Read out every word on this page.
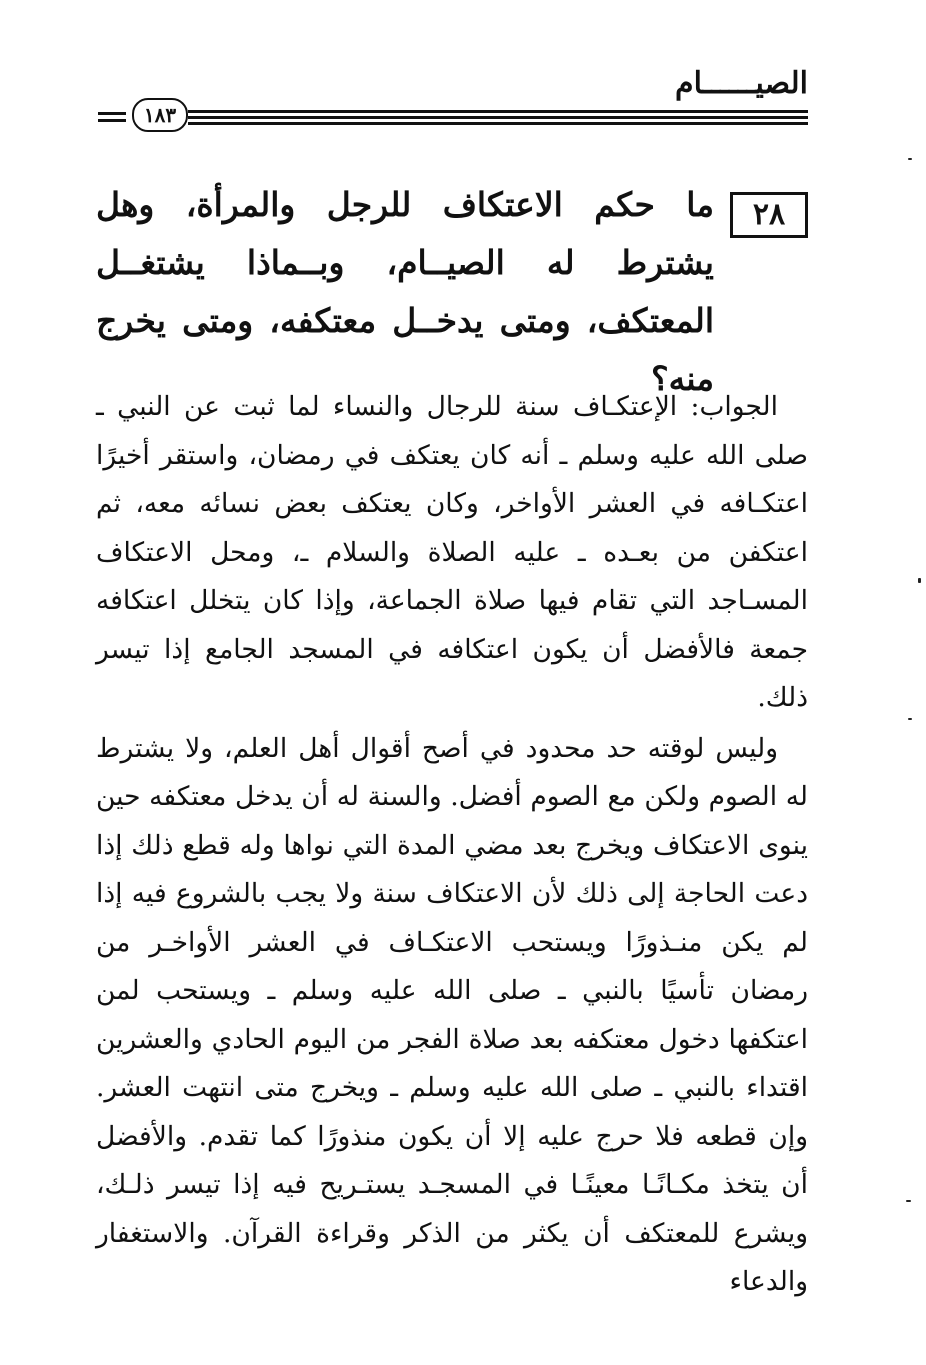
الصيــــــام
١٨٣
٢٨
ما حكم الاعتكاف للرجل والمرأة، وهل يشترط له الصيــام، وبــماذا يشتغــل المعتكف، ومتى يدخــل معتكفه، ومتى يخرج منه؟

الجواب: الإعتكـاف سنة للرجال والنساء لما ثبت عن النبي ـ صلى الله عليه وسلم ـ أنه كان يعتكف في رمضان، واستقر أخيرًا اعتكـافه في العشر الأواخر، وكان يعتكف بعض نسائه معه، ثم اعتكفن من بعـده ـ عليه الصلاة والسلام ـ، ومحل الاعتكاف المسـاجد التي تقام فيها صلاة الجماعة، وإذا كان يتخلل اعتكافه جمعة فالأفضل أن يكون اعتكافه في المسجد الجامع إذا تيسر ذلك.

وليس لوقته حد محدود في أصح أقوال أهل العلم، ولا يشترط له الصوم ولكن مع الصوم أفضل. والسنة له أن يدخل معتكفه حين ينوى الاعتكاف ويخرج بعد مضي المدة التي نواها وله قطع ذلك إذا دعت الحاجة إلى ذلك لأن الاعتكاف سنة ولا يجب بالشروع فيه إذا لم يكن منـذورًا ويستحب الاعتكـاف في العشر الأواخـر من رمضان تأسيًا بالنبي ـ صلى الله عليه وسلم ـ ويستحب لمن اعتكفها دخول معتكفه بعد صلاة الفجر من اليوم الحادي والعشرين اقتداء بالنبي ـ صلى الله عليه وسلم ـ ويخرج متى انتهت العشر. وإن قطعه فلا حرج عليه إلا أن يكون منذورًا كما تقدم. والأفضل أن يتخذ مكـانًـا معينًـا في المسجـد يستـريح فيه إذا تيسر ذلـك، ويشرع للمعتكف أن يكثر من الذكر وقراءة القرآن. والاستغفار والدعاء
